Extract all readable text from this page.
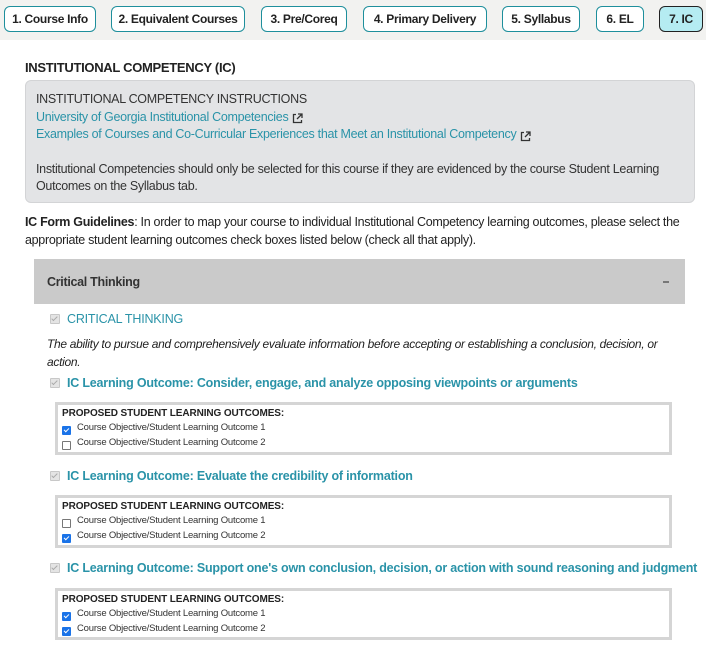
1. Course Info	2. Equivalent Courses	3. Pre/Coreq	4. Primary Delivery	5. Syllabus	6. EL	7. IC
INSTITUTIONAL COMPETENCY (IC)
INSTITUTIONAL COMPETENCY INSTRUCTIONS
University of Georgia Institutional Competencies
Examples of Courses and Co-Curricular Experiences that Meet an Institutional Competency
Institutional Competencies should only be selected for this course if they are evidenced by the course Student Learning Outcomes on the Syllabus tab.
IC Form Guidelines: In order to map your course to individual Institutional Competency learning outcomes, please select the appropriate student learning outcomes check boxes listed below (check all that apply).
Critical Thinking
CRITICAL THINKING
The ability to pursue and comprehensively evaluate information before accepting or establishing a conclusion, decision, or action.
IC Learning Outcome: Consider, engage, and analyze opposing viewpoints or arguments
PROPOSED STUDENT LEARNING OUTCOMES:
Course Objective/Student Learning Outcome 1
Course Objective/Student Learning Outcome 2
IC Learning Outcome: Evaluate the credibility of information
PROPOSED STUDENT LEARNING OUTCOMES:
Course Objective/Student Learning Outcome 1
Course Objective/Student Learning Outcome 2
IC Learning Outcome: Support one's own conclusion, decision, or action with sound reasoning and judgment
PROPOSED STUDENT LEARNING OUTCOMES:
Course Objective/Student Learning Outcome 1
Course Objective/Student Learning Outcome 2
